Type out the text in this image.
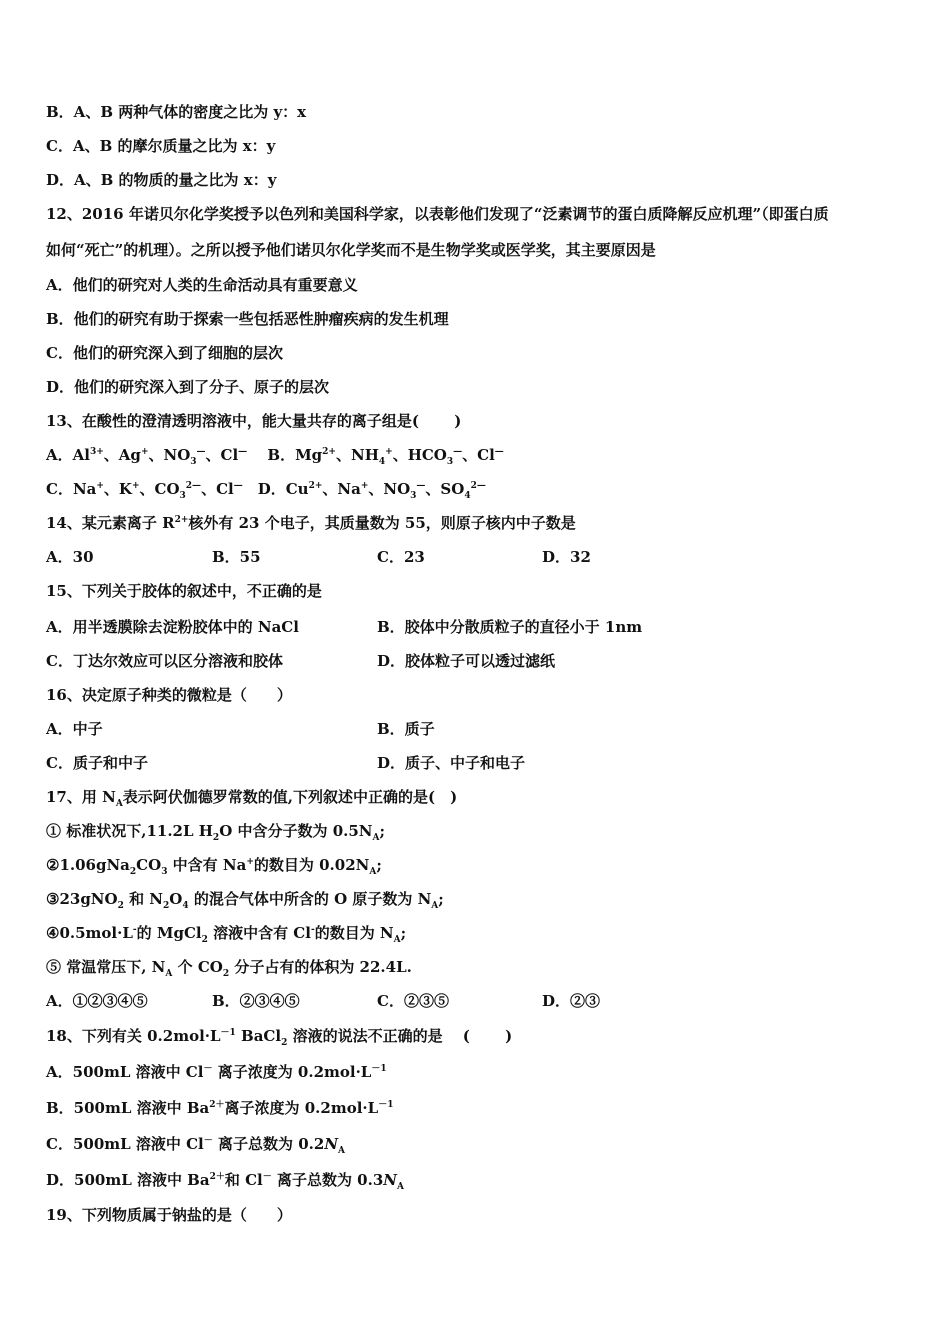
B．A、B 两种气体的密度之比为 y：x
C．A、B 的摩尔质量之比为 x：y
D．A、B 的物质的量之比为 x：y
12、2016 年诺贝尔化学奖授予以色列和美国科学家，以表彰他们发现了“泛素调节的蛋白质降解反应机理”（即蛋白质
如何“死亡”的机理）。之所以授予他们诺贝尔化学奖而不是生物学奖或医学奖，其主要原因是
A．他们的研究对人类的生命活动具有重要意义
B．他们的研究有助于探索一些包括恶性肿瘤疾病的发生机理
C．他们的研究深入到了细胞的层次
D．他们的研究深入到了分子、原子的层次
13、在酸性的澄清透明溶液中，能大量共存的离子组是(　　 )
A．$Al^{3+}$、Ag+、$NO_3^—$、Cl—　 B．$Mg^{2+}$、$NH_4^+$、$HCO_3^—$、Cl—
C．Na+、K+、$CO_3^{2—}$、Cl—　D．$Cu^{2+}$、Na+、$NO_3^—$、$SO_4^{2—}$
14、某元素离子 $R^{2+}$核外有 23 个电子，其质量数为 55，则原子核内中子数是
15、下列关于胶体的叙述中，不正确的是
16、决定原子种类的微粒是（　　）
17、用 $N_A$表示阿伏伽德罗常数的值,下列叙述中正确的是(　)
① 标准状况下,11.2L $H_2O$ 中含分子数为 $0.5N_A$;
$②1.06gNa_2CO_3$ 中含有 Na+的数目为 $0.02N_A$;
③23gNO$_2$ 和 $N_2O_4$ 的混合气体中所含的 O 原子数为 $N_A$;
④0.5mol·L-的 MgCl$_2$ 溶液中含有 Cl-的数目为 $N_A$;
⑤ 常温常压下, $N_A$ 个 $CO_2$ 分子占有的体积为 22.4L.
18、下列有关 $0.2mol\cdot L^{-1}$ BaCl$_2$ 溶液的说法不正确的是　 (　　 )
A．500mL 溶液中 Cl－ 离子浓度为 $0.2mol\cdot L^{-1}$
B．500mL 溶液中 $Ba^{2+}$离子浓度为 $0.2mol\cdot L^{-1}$
C．500mL 溶液中 Cl－ 离子总数为 $0.2N_A$
D．500mL 溶液中 $Ba^{2+}$和 Cl－ 离子总数为 $0.3N_A$
19、下列物质属于钠盐的是（　　）
A．30	B．55	C．23	D．32
A．用半透膜除去淀粉胶体中的 NaCl	B．胶体中分散质粒子的直径小于 1nm
C．丁达尔效应可以区分溶液和胶体	D．胶体粒子可以透过滤纸
A．中子	B．质子
C．质子和中子	D．质子、中子和电子
A．①②③④⑤	B．②③④⑤	C．②③⑤	D．②③
